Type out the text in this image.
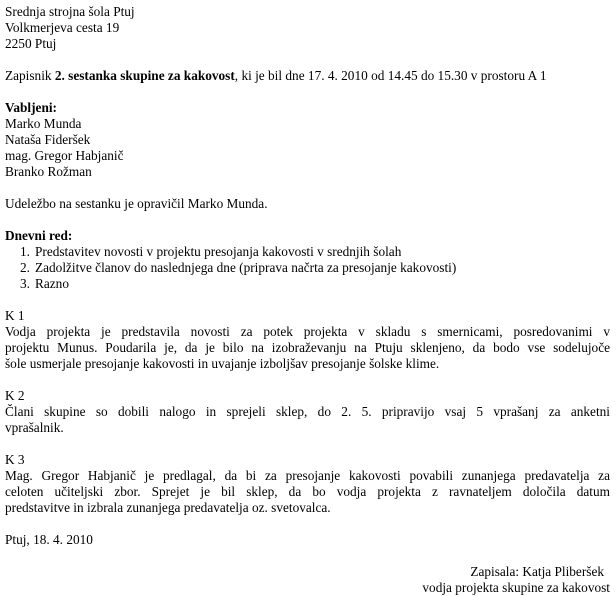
Srednja strojna šola Ptuj
Volkmerjeva cesta 19
2250 Ptuj
Zapisnik 2. sestanka skupine za kakovost, ki je bil dne 17. 4. 2010 od 14.45 do 15.30 v prostoru A 1
Vabljeni:
Marko Munda
Nataša Fideršek
mag. Gregor Habjanič
Branko Rožman
Udeležbo na sestanku je opravičil Marko Munda.
Dnevni red:
1. Predstavitev novosti v projektu presojanja kakovosti v srednjih šolah
2. Zadolžitve članov do naslednjega dne (priprava načrta za presojanje kakovosti)
3. Razno
K 1
Vodja projekta je predstavila novosti za potek projekta v skladu s smernicami, posredovanimi v
projektu Munus. Poudarila je, da je bilo na izobraževanju na Ptuju sklenjeno, da bodo vse sodelujoče
šole usmerjale presojanje kakovosti in uvajanje izboljšav presojanje šolske klime.
K 2
Člani skupine so dobili nalogo in sprejeli sklep, do 2. 5. pripravijo vsaj 5 vprašanj za anketni
vprašalnik.
K 3
Mag. Gregor Habjanič je predlagal, da bi za presojanje kakovosti povabili zunanjega predavatelja za
celoten učiteljski zbor. Sprejet je bil sklep, da bo vodja projekta z ravnateljem določila datum
predstavitve in izbrala zunanjega predavatelja oz. svetovalca.
Ptuj, 18. 4. 2010
Zapisala: Katja Pliberšek
vodja projekta skupine za kakovost
